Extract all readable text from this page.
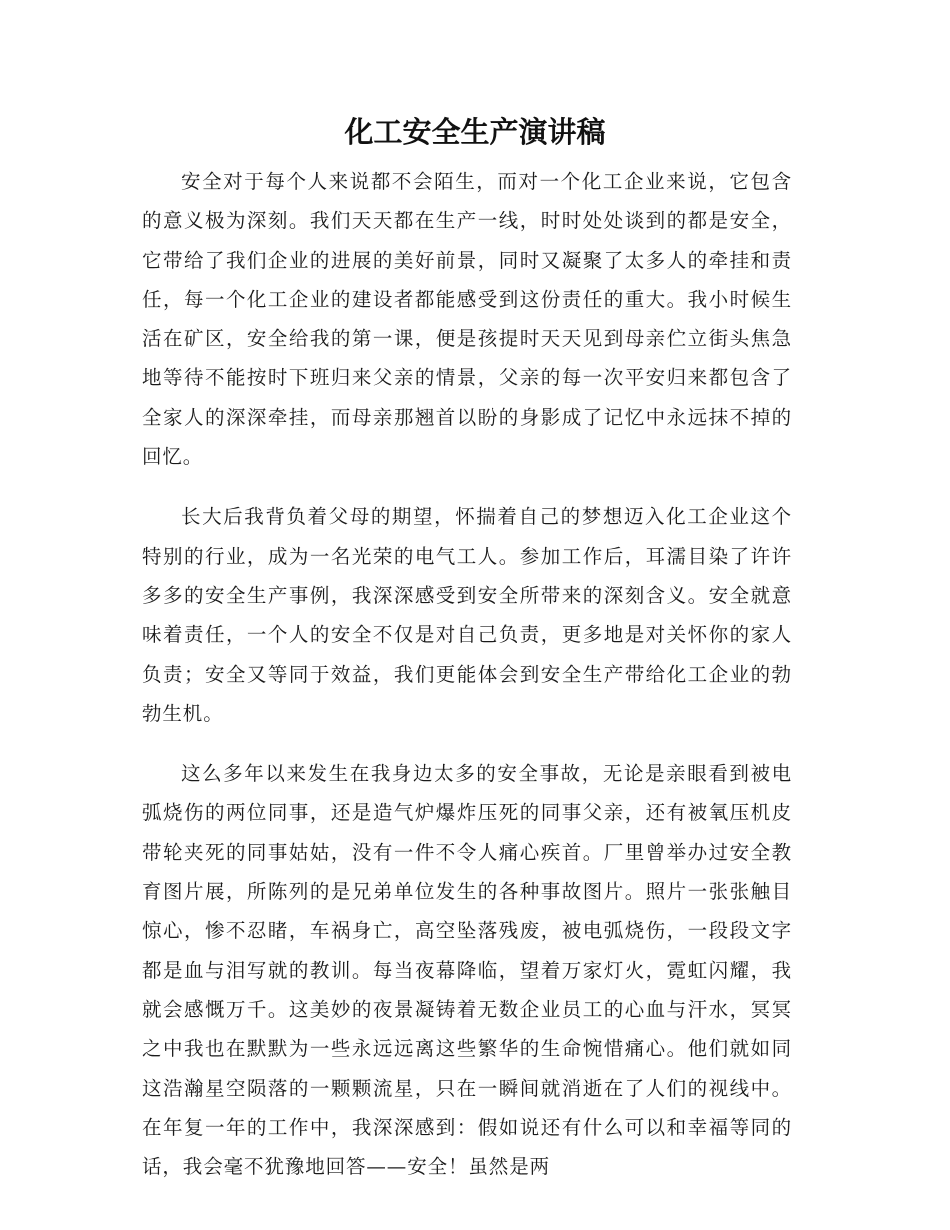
化工安全生产演讲稿

安全对于每个人来说都不会陌生，而对一个化工企业来说，它包含的意义极为深刻。我们天天都在生产一线，时时处处谈到的都是安全，它带给了我们企业的进展的美好前景，同时又凝聚了太多人的牵挂和责任，每一个化工企业的建设者都能感受到这份责任的重大。我小时候生活在矿区，安全给我的第一课，便是孩提时天天见到母亲伫立街头焦急地等待不能按时下班归来父亲的情景，父亲的每一次平安归来都包含了全家人的深深牵挂，而母亲那翘首以盼的身影成了记忆中永远抹不掉的回忆。

长大后我背负着父母的期望，怀揣着自己的梦想迈入化工企业这个特别的行业，成为一名光荣的电气工人。参加工作后，耳濡目染了许许多多的安全生产事例，我深深感受到安全所带来的深刻含义。安全就意味着责任，一个人的安全不仅是对自己负责，更多地是对关怀你的家人负责；安全又等同于效益，我们更能体会到安全生产带给化工企业的勃勃生机。

这么多年以来发生在我身边太多的安全事故，无论是亲眼看到被电弧烧伤的两位同事，还是造气炉爆炸压死的同事父亲，还有被氧压机皮带轮夹死的同事姑姑，没有一件不令人痛心疾首。厂里曾举办过安全教育图片展，所陈列的是兄弟单位发生的各种事故图片。照片一张张触目惊心，惨不忍睹，车祸身亡，高空坠落残废，被电弧烧伤，一段段文字都是血与泪写就的教训。每当夜幕降临，望着万家灯火，霓虹闪耀，我就会感慨万千。这美妙的夜景凝铸着无数企业员工的心血与汗水，冥冥之中我也在默默为一些永远远离这些繁华的生命惋惜痛心。他们就如同这浩瀚星空陨落的一颗颗流星，只在一瞬间就消逝在了人们的视线中。在年复一年的工作中，我深深感到：假如说还有什么可以和幸福等同的话，我会毫不犹豫地回答——安全！虽然是两
